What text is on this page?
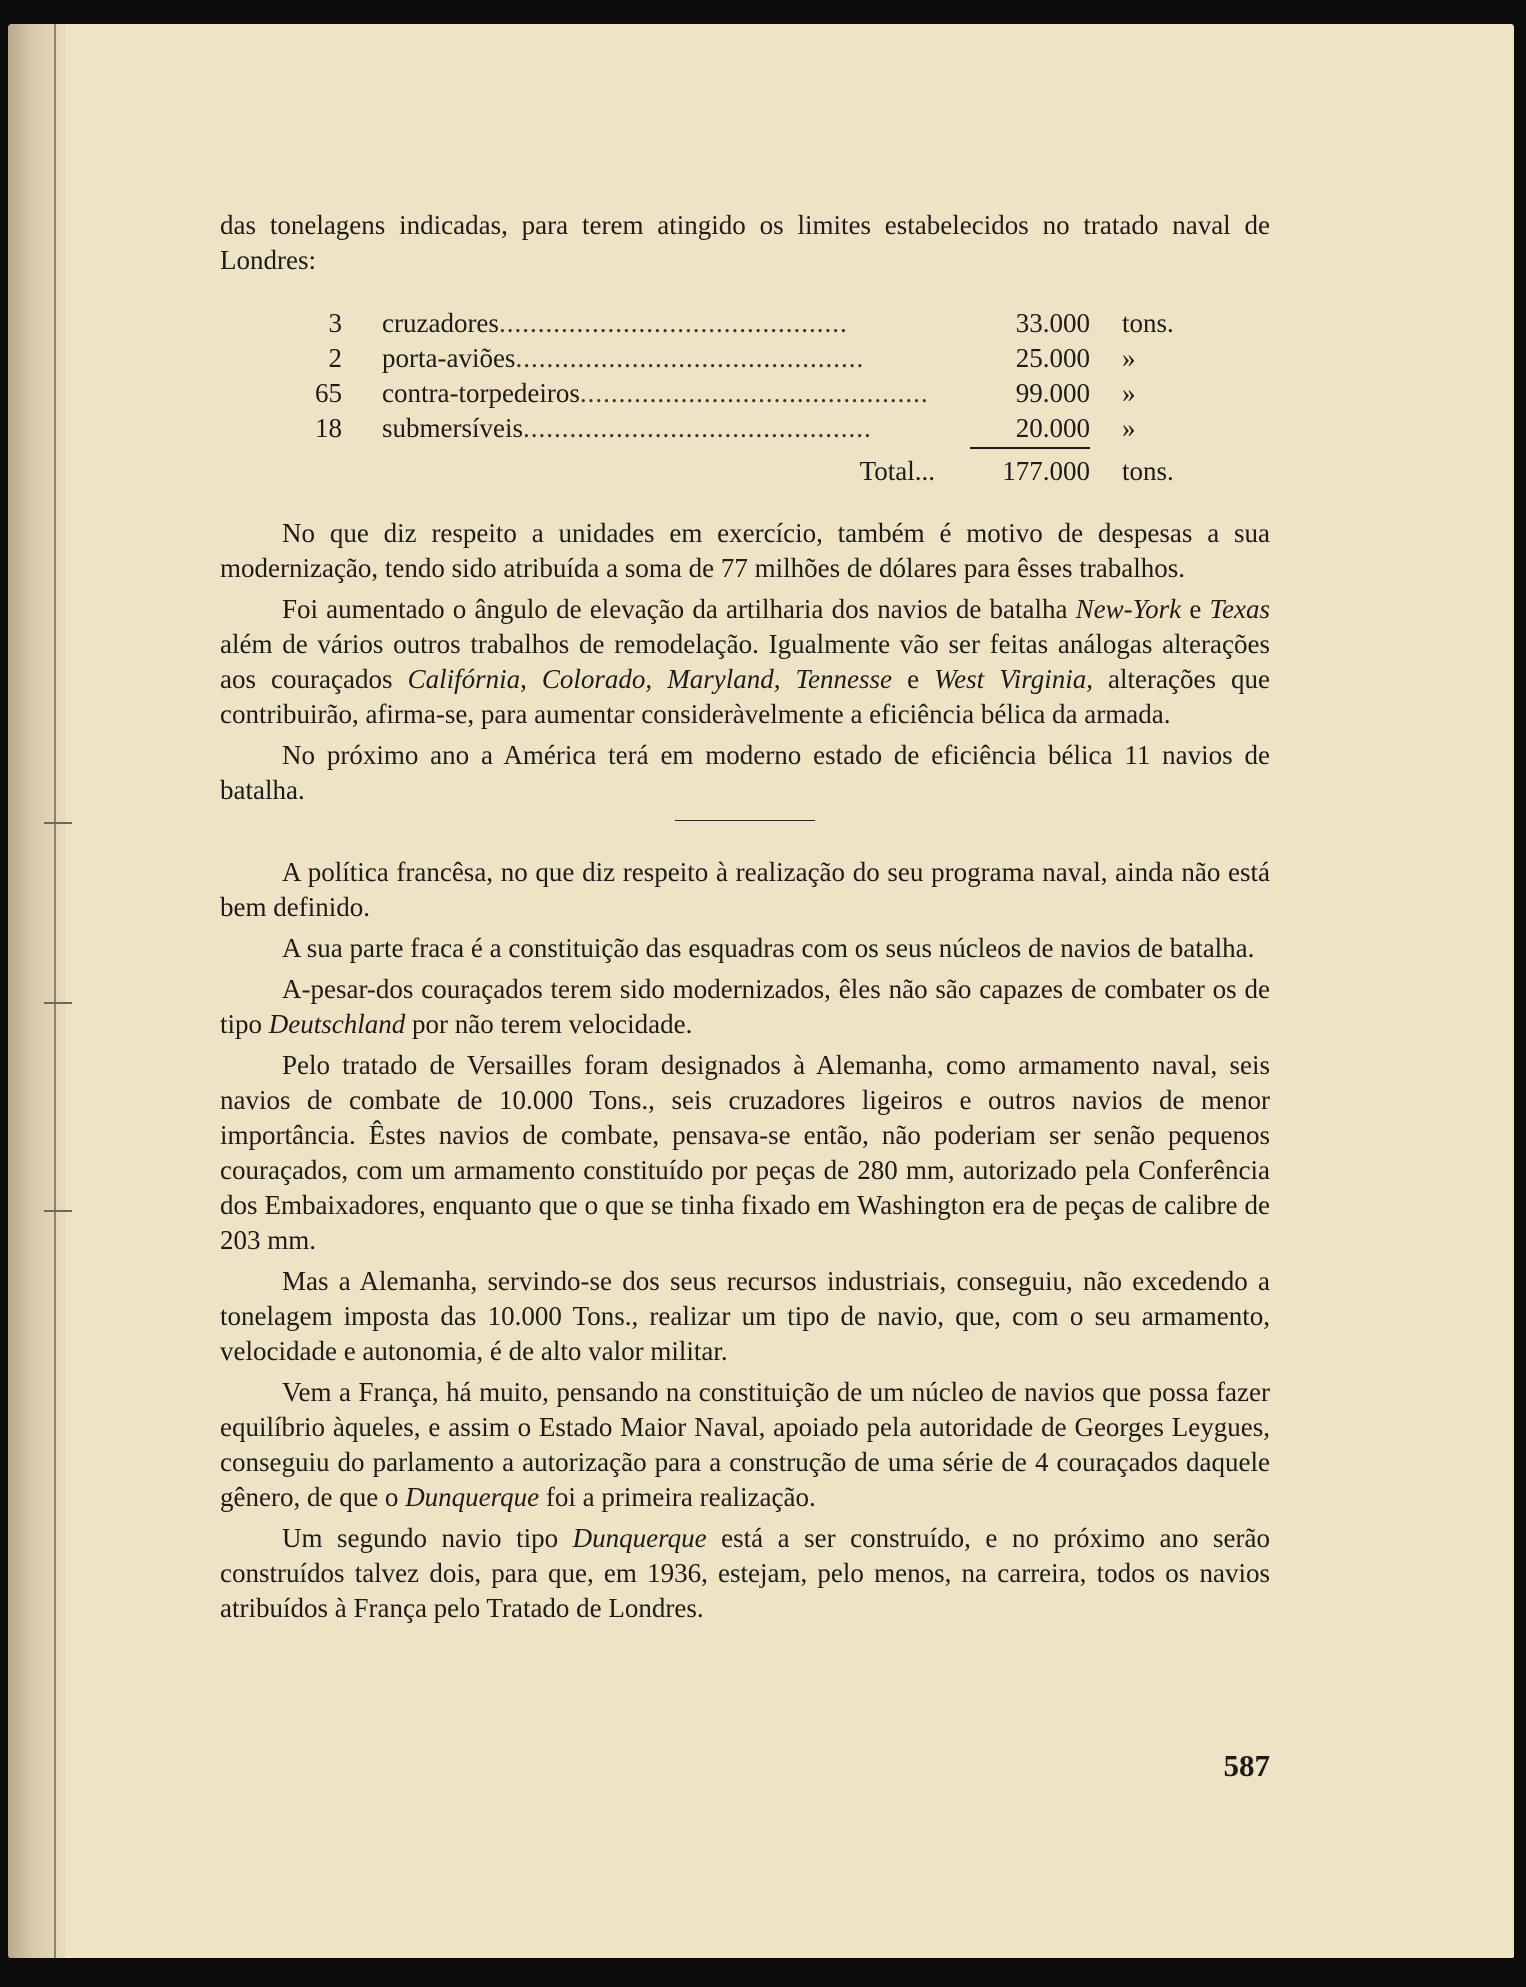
das tonelagens indicadas, para terem atingido os limites estabelecidos no tratado naval de Londres:

3 cruzadores.............................................	33.000 tons.
2 porta-aviões.............................................	25.000 »
65 contra-torpedeiros.............................................	99.000 »
18 submersíveis.............................................	20.000 »
Total...	177.000 tons.

No que diz respeito a unidades em exercício, também é motivo de despesas a sua modernização, tendo sido atribuída a soma de 77 milhões de dólares para êsses trabalhos.

Foi aumentado o ângulo de elevação da artilharia dos navios de batalha New-York e Texas além de vários outros trabalhos de remodelação. Igualmente vão ser feitas análogas alterações aos couraçados Califórnia, Colorado, Maryland, Tennesse e West Virginia, alterações que contribuirão, afirma-se, para aumentar consideràvelmente a eficiência bélica da armada.

No próximo ano a América terá em moderno estado de eficiência bélica 11 navios de batalha.

A política francêsa, no que diz respeito à realização do seu programa naval, ainda não está bem definido.

A sua parte fraca é a constituição das esquadras com os seus núcleos de navios de batalha.

A-pesar-dos couraçados terem sido modernizados, êles não são capazes de combater os de tipo Deutschland por não terem velocidade.

Pelo tratado de Versailles foram designados à Alemanha, como armamento naval, seis navios de combate de 10.000 Tons., seis cruzadores ligeiros e outros navios de menor importância. Êstes navios de combate, pensava-se então, não poderiam ser senão pequenos couraçados, com um armamento constituído por peças de 280 mm, autorizado pela Conferência dos Embaixadores, enquanto que o que se tinha fixado em Washington era de peças de calibre de 203 mm.

Mas a Alemanha, servindo-se dos seus recursos industriais, conseguiu, não excedendo a tonelagem imposta das 10.000 Tons., realizar um tipo de navio, que, com o seu armamento, velocidade e autonomia, é de alto valor militar.

Vem a França, há muito, pensando na constituição de um núcleo de navios que possa fazer equilíbrio àqueles, e assim o Estado Maior Naval, apoiado pela autoridade de Georges Leygues, conseguiu do parlamento a autorização para a construção de uma série de 4 couraçados daquele gênero, de que o Dunquerque foi a primeira realização.

Um segundo navio tipo Dunquerque está a ser construído, e no próximo ano serão construídos talvez dois, para que, em 1936, estejam, pelo menos, na carreira, todos os navios atribuídos à França pelo Tratado de Londres.

587
